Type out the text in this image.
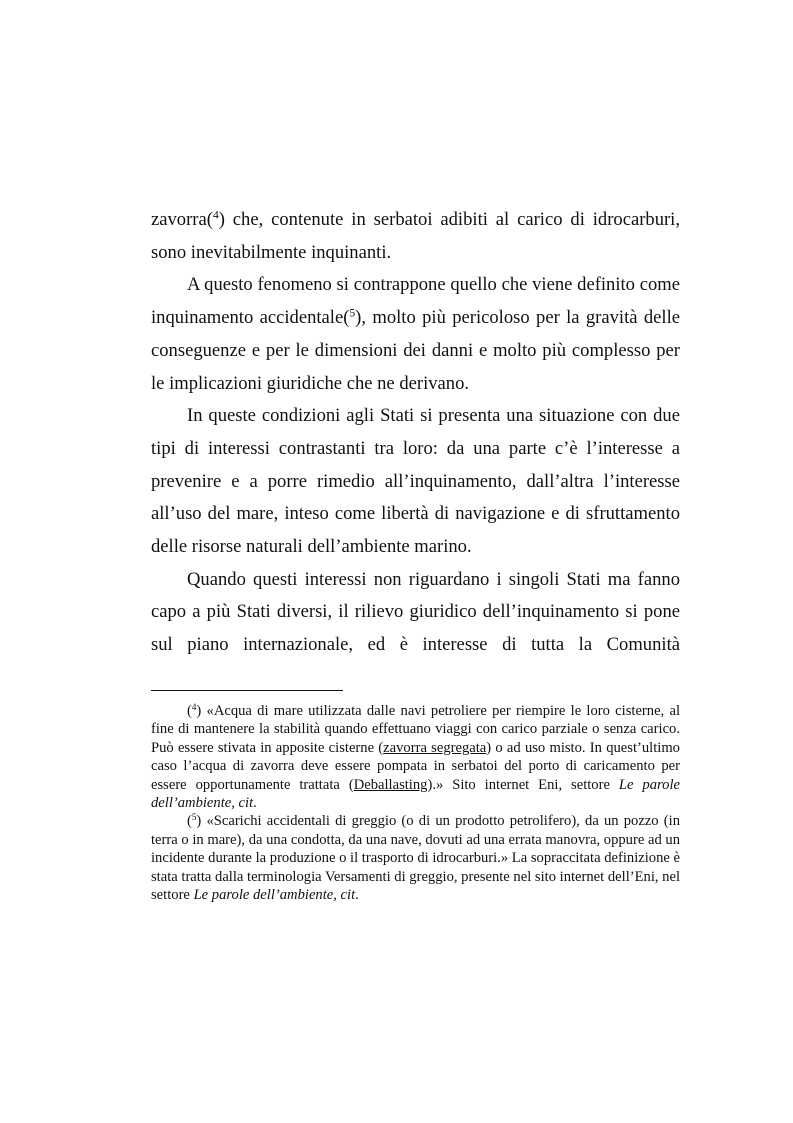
zavorra($^4$) che, contenute in serbatoi adibiti al carico di idrocarburi, sono inevitabilmente inquinanti.

A questo fenomeno si contrappone quello che viene definito come inquinamento accidentale($^5$), molto più pericoloso per la gravità delle conseguenze e per le dimensioni dei danni e molto più complesso per le implicazioni giuridiche che ne derivano.

In queste condizioni agli Stati si presenta una situazione con due tipi di interessi contrastanti tra loro: da una parte c’è l’interesse a prevenire e a porre rimedio all’inquinamento, dall’altra l’interesse all’uso del mare, inteso come libertà di navigazione e di sfruttamento delle risorse naturali dell’ambiente marino.

Quando questi interessi non riguardano i singoli Stati ma fanno capo a più Stati diversi, il rilievo giuridico dell’inquinamento si pone sul piano internazionale, ed è interesse di tutta la Comunità

($^4$) «Acqua di mare utilizzata dalle navi petroliere per riempire le loro cisterne, al fine di mantenere la stabilità quando effettuano viaggi con carico parziale o senza carico. Può essere stivata in apposite cisterne (zavorra segregata) o ad uso misto. In quest’ultimo caso l’acqua di zavorra deve essere pompata in serbatoi del porto di caricamento per essere opportunamente trattata (Deballasting).» Sito internet Eni, settore Le parole dell’ambiente, cit.

($^5$) «Scarichi accidentali di greggio (o di un prodotto petrolifero), da un pozzo (in terra o in mare), da una condotta, da una nave, dovuti ad una errata manovra, oppure ad un incidente durante la produzione o il trasporto di idrocarburi.» La sopraccitata definizione è stata tratta dalla terminologia Versamenti di greggio, presente nel sito internet dell’Eni, nel settore Le parole dell’ambiente, cit.
